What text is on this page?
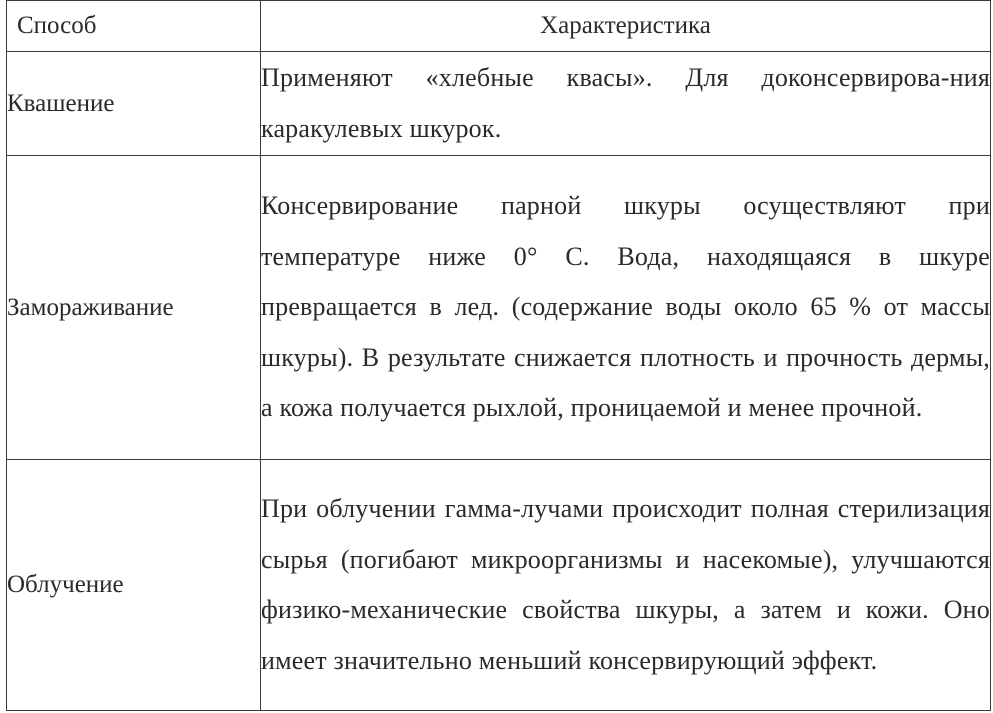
Способ	Характеристика
Квашение	Применяют «хлебные квасы». Для доконсервирова-ния каракулевых шкурок.

Замораживание	Консервирование парной шкуры осуществляют при температуре ниже 0° С. Вода, находящаяся в шкуре превращается в лед. (содержание воды около 65 % от массы шкуры). В результате снижается плотность и прочность дермы, а кожа получается рыхлой, проницаемой и менее прочной.

Облучение	При облучении гамма-лучами происходит полная стерилизация сырья (погибают микроорганизмы и насекомые), улучшаются физико-механические свойства шкуры, а затем и кожи. Оно имеет значительно меньший консервирующий эффект.
